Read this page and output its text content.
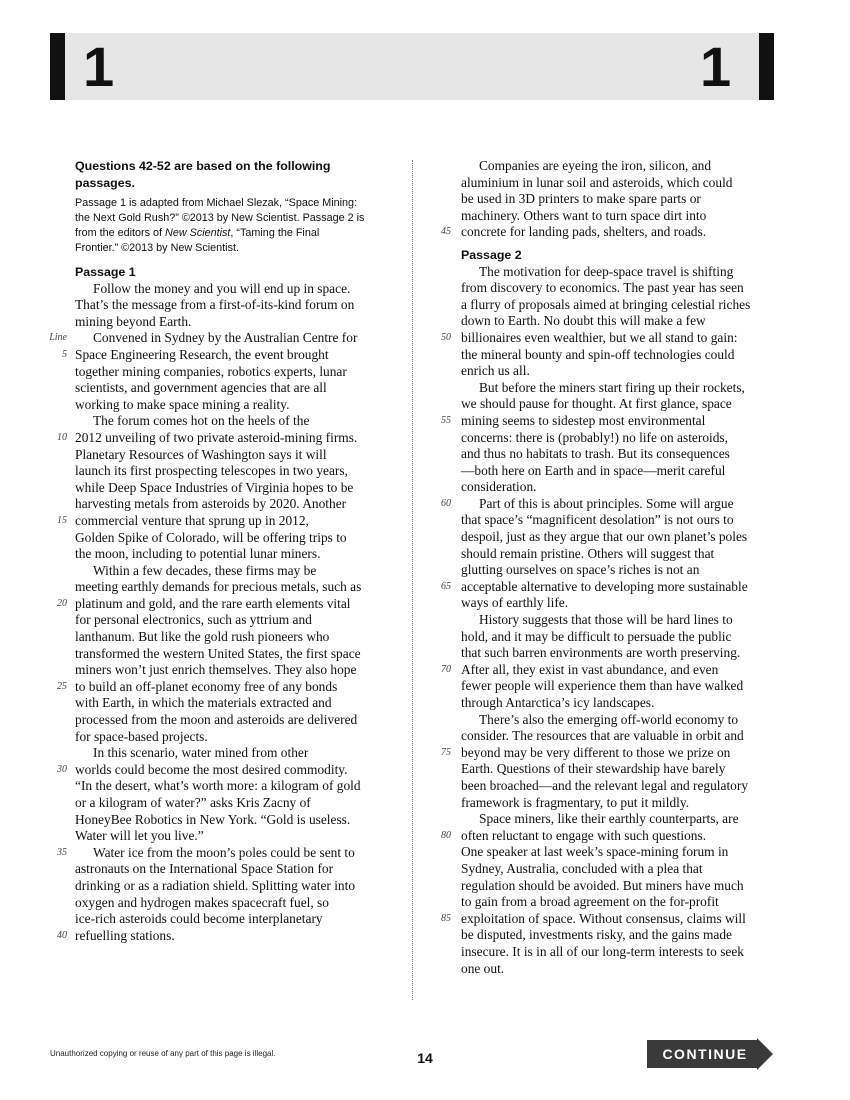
1	1
Questions 42-52 are based on the following
passages.
Passage 1 is adapted from Michael Slezak, “Space Mining:
the Next Gold Rush?” ©2013 by New Scientist. Passage 2 is
from the editors of New Scientist, “Taming the Final
Frontier.” ©2013 by New Scientist.
Passage 1
Follow the money and you will end up in space.
That’s the message from a first-of-its-kind forum on
mining beyond Earth.
Line Convened in Sydney by the Australian Centre for
5 Space Engineering Research, the event brought
together mining companies, robotics experts, lunar
scientists, and government agencies that are all
working to make space mining a reality.
The forum comes hot on the heels of the
10 2012 unveiling of two private asteroid-mining firms.
Planetary Resources of Washington says it will
launch its first prospecting telescopes in two years,
while Deep Space Industries of Virginia hopes to be
harvesting metals from asteroids by 2020. Another
15 commercial venture that sprung up in 2012,
Golden Spike of Colorado, will be offering trips to
the moon, including to potential lunar miners.
Within a few decades, these firms may be
meeting earthly demands for precious metals, such as
20 platinum and gold, and the rare earth elements vital
for personal electronics, such as yttrium and
lanthanum. But like the gold rush pioneers who
transformed the western United States, the first space
miners won’t just enrich themselves. They also hope
25 to build an off-planet economy free of any bonds
with Earth, in which the materials extracted and
processed from the moon and asteroids are delivered
for space-based projects.
In this scenario, water mined from other
30 worlds could become the most desired commodity.
“In the desert, what’s worth more: a kilogram of gold
or a kilogram of water?” asks Kris Zacny of
HoneyBee Robotics in New York. “Gold is useless.
Water will let you live.”
35 Water ice from the moon’s poles could be sent to
astronauts on the International Space Station for
drinking or as a radiation shield. Splitting water into
oxygen and hydrogen makes spacecraft fuel, so
ice-rich asteroids could become interplanetary
40 refuelling stations.
Companies are eyeing the iron, silicon, and
aluminium in lunar soil and asteroids, which could
be used in 3D printers to make spare parts or
machinery. Others want to turn space dirt into
45 concrete for landing pads, shelters, and roads.
Passage 2
The motivation for deep-space travel is shifting
from discovery to economics. The past year has seen
a flurry of proposals aimed at bringing celestial riches
down to Earth. No doubt this will make a few
50 billionaires even wealthier, but we all stand to gain:
the mineral bounty and spin-off technologies could
enrich us all.
But before the miners start firing up their rockets,
we should pause for thought. At first glance, space
55 mining seems to sidestep most environmental
concerns: there is (probably!) no life on asteroids,
and thus no habitats to trash. But its consequences
—both here on Earth and in space—merit careful
consideration.
60 Part of this is about principles. Some will argue
that space’s “magnificent desolation” is not ours to
despoil, just as they argue that our own planet’s poles
should remain pristine. Others will suggest that
glutting ourselves on space’s riches is not an
65 acceptable alternative to developing more sustainable
ways of earthly life.
History suggests that those will be hard lines to
hold, and it may be difficult to persuade the public
that such barren environments are worth preserving.
70 After all, they exist in vast abundance, and even
fewer people will experience them than have walked
through Antarctica’s icy landscapes.
There’s also the emerging off-world economy to
consider. The resources that are valuable in orbit and
75 beyond may be very different to those we prize on
Earth. Questions of their stewardship have barely
been broached—and the relevant legal and regulatory
framework is fragmentary, to put it mildly.
Space miners, like their earthly counterparts, are
80 often reluctant to engage with such questions.
One speaker at last week’s space-mining forum in
Sydney, Australia, concluded with a plea that
regulation should be avoided. But miners have much
to gain from a broad agreement on the for-profit
85 exploitation of space. Without consensus, claims will
be disputed, investments risky, and the gains made
insecure. It is in all of our long-term interests to seek
one out.
Unauthorized copying or reuse of any part of this page is illegal.	14	CONTINUE
